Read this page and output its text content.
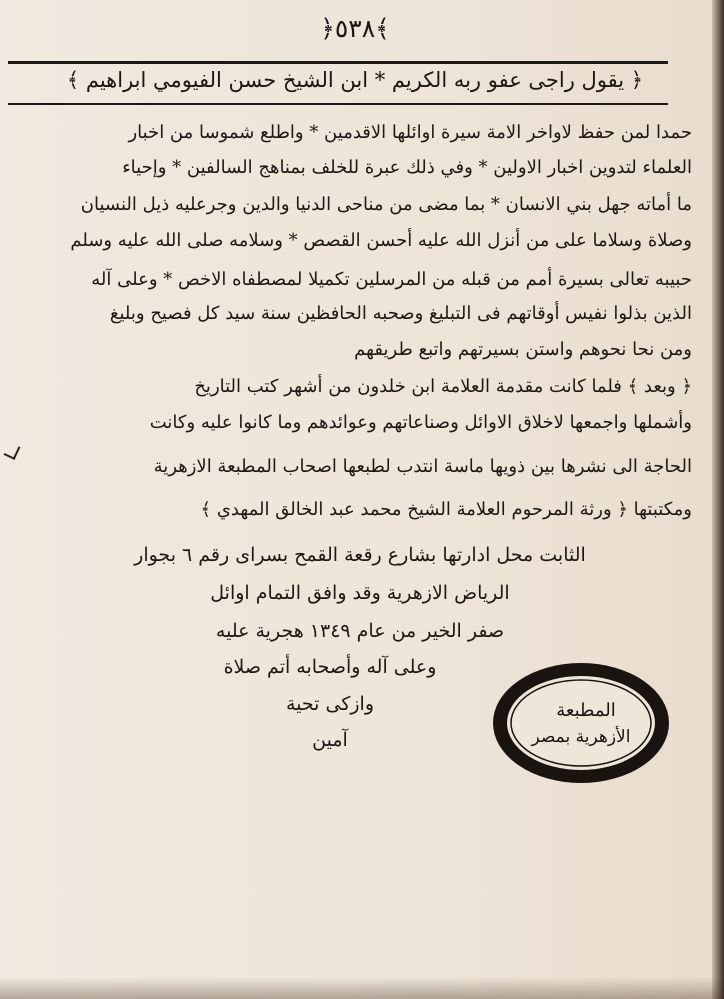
﴿٥٣٨﴾
﴿ يقول راجى عفو ربه الكريم * ابن الشيخ حسن الفيومي ابراهيم ﴾
حمدا لمن حفظ لاواخر الامة سيرة اوائلها الاقدمين * واطلع شموسا من اخبار
العلماء لتدوين اخبار الاولين * وفي ذلك عبرة للخلف بمناهج السالفين * وإحياء
ما أماته جهل بني الانسان * بما مضى من مناحى الدنيا والدين وجرعليه ذيل النسيان
وصلاة وسلاما على من أنزل الله عليه أحسن القصص * وسلامه صلى الله عليه وسلم
حبيبه تعالى بسيرة أمم من قبله من المرسلين تكميلا لمصطفاه الاخص * وعلى آله
الذين بذلوا نفيس أوقاتهم فى التبليغ وصحبه الحافظين سنة سيد كل فصيح وبليغ
ومن نحا نحوهم واستن بسيرتهم واتبع طريقهم
﴿ وبعد ﴾ فلما كانت مقدمة العلامة ابن خلدون من أشهر كتب التاريخ
وأشملها واجمعها لاخلاق الاوائل وصناعاتهم وعوائدهم وما كانوا عليه وكانت
الحاجة الى نشرها بين ذويها ماسة انتدب لطبعها اصحاب المطبعة الازهرية
ومكتبتها ﴿ ورثة المرحوم العلامة الشيخ محمد عبد الخالق المهدي ﴾
الثابت محل ادارتها بشارع رقعة القمح بسراى رقم ٦ بجوار
الرياض الازهرية وقد وافق التمام اوائل
صفر الخير من عام ١٣٤٩ هجرية عليه
وعلى آله وأصحابه أتم صلاة
وازكى تحية
آمين
المطبعة
الأزهرية بمصر
